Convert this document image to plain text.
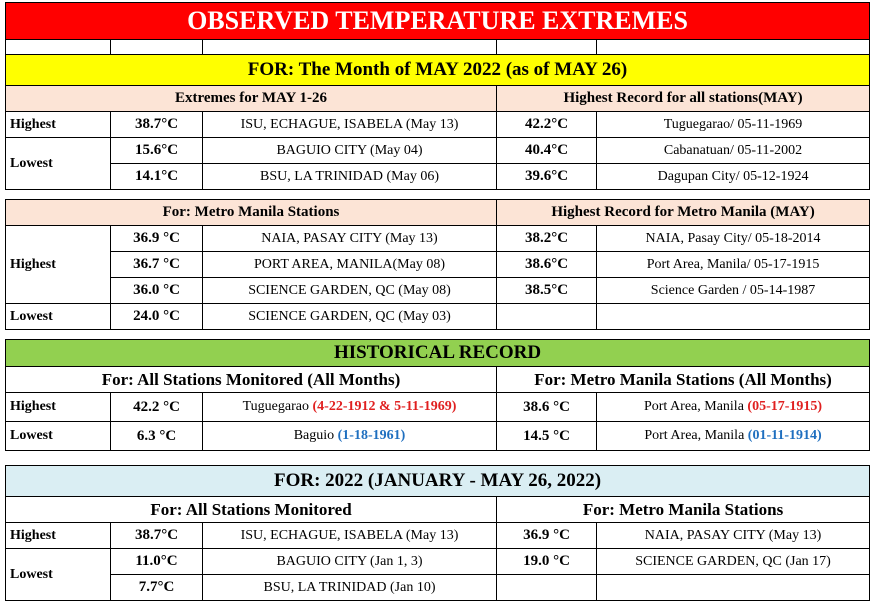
OBSERVED TEMPERATURE EXTREMES				

FOR: The Month of MAY 2022 (as of MAY 26)				
Extremes for MAY 1-26			Highest Record for all stations(MAY)	
Highest	38.7°C	ISU, ECHAGUE, ISABELA (May 13)	42.2°C	Tuguegarao/ 05-11-1969
Lowest	15.6°C	BAGUIO CITY (May 04)	40.4°C	Cabanatuan/ 05-11-2002
	14.1°C	BSU, LA TRINIDAD (May 06)	39.6°C	Dagupan City/ 05-12-1924

For: Metro Manila Stations			Highest Record for Metro Manila (MAY)	
Highest	36.9 °C	NAIA, PASAY CITY (May 13)	38.2°C	NAIA, Pasay City/ 05-18-2014
	36.7 °C	PORT AREA, MANILA(May 08)	38.6°C	Port Area, Manila/ 05-17-1915
	36.0 °C	SCIENCE GARDEN, QC (May 08)	38.5°C	Science Garden / 05-14-1987
Lowest	24.0 °C	SCIENCE GARDEN, QC (May 03)		

HISTORICAL RECORD				
For: All Stations Monitored (All Months)			For: Metro Manila Stations (All Months)	
Highest	42.2 °C	Tuguegarao (4-22-1912 & 5-11-1969)	38.6 °C	Port Area, Manila (05-17-1915)
Lowest	6.3 °C	Baguio (1-18-1961)	14.5 °C	Port Area, Manila (01-11-1914)

FOR: 2022 (JANUARY - MAY 26, 2022)				
For: All Stations Monitored			For: Metro Manila Stations	
Highest	38.7°C	ISU, ECHAGUE, ISABELA (May 13)	36.9 °C	NAIA, PASAY CITY (May 13)
Lowest	11.0°C	BAGUIO CITY (Jan 1, 3)	19.0 °C	SCIENCE GARDEN, QC (Jan 17)
	7.7°C	BSU, LA TRINIDAD (Jan 10)		
